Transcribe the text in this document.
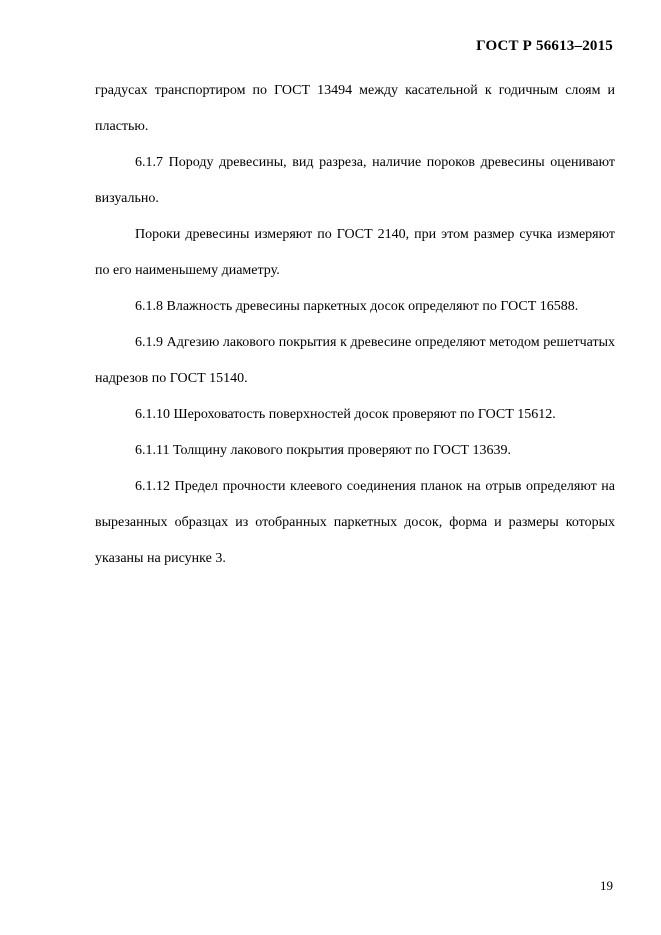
ГОСТ Р 56613–2015

градусах транспортиром по ГОСТ 13494 между касательной к годичным слоям и пластью.

6.1.7 Породу древесины, вид разреза, наличие пороков древесины оценивают визуально.

Пороки древесины измеряют по ГОСТ 2140, при этом размер сучка измеряют по его наименьшему диаметру.

6.1.8 Влажность древесины паркетных досок определяют по ГОСТ 16588.

6.1.9 Адгезию лакового покрытия к древесине определяют методом решетчатых надрезов по ГОСТ 15140.

6.1.10 Шероховатость поверхностей досок проверяют по ГОСТ 15612.

6.1.11 Толщину лакового покрытия проверяют по ГОСТ 13639.

6.1.12 Предел прочности клеевого соединения планок на отрыв определяют на вырезанных образцах из отобранных паркетных досок, форма и размеры которых указаны на рисунке 3.

19
